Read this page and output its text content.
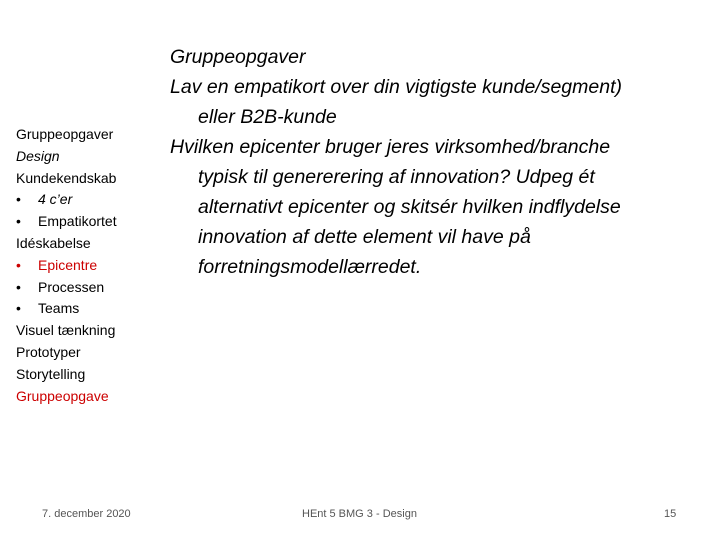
Gruppeopgaver
Design
Kundekendskab
• 4 c’er
• Empatikortet
Idéskabelse
• Epicentre
• Processen
• Teams
Visuel tænkning
Prototyper
Storytelling
Gruppeopgave
Gruppeopgaver
Lav en empatikort over din vigtigste kunde/segment)
eller B2B-kunde
Hvilken epicenter bruger jeres virksomhed/branche
typisk til genererering af innovation? Udpeg ét
alternativt epicenter og skitsér hvilken indflydelse
innovation af dette element vil have på
forretningsmodellærredet.
7. december 2020	HEnt 5 BMG 3 - Design	15
